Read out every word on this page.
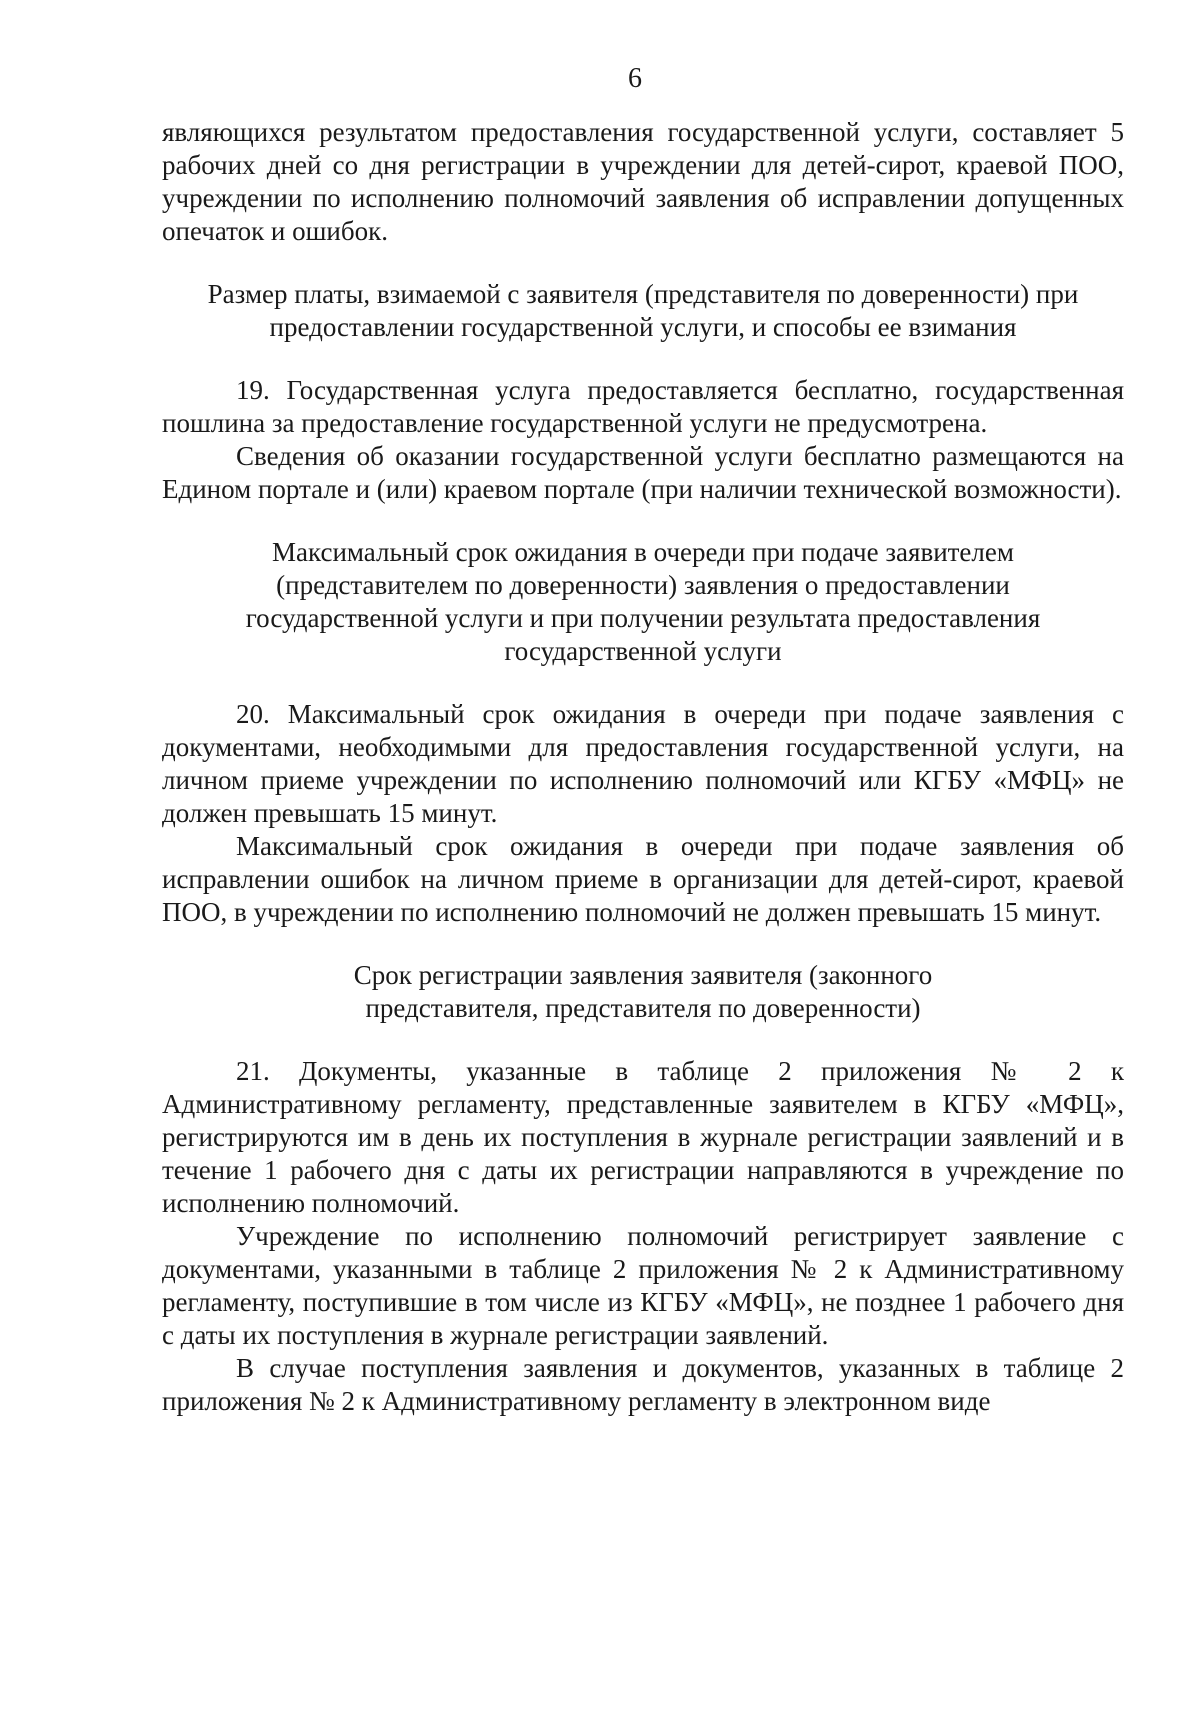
6

являющихся результатом предоставления государственной услуги, составляет 5 рабочих дней со дня регистрации в учреждении для детей-сирот, краевой ПОО, учреждении по исполнению полномочий заявления об исправлении допущенных опечаток и ошибок.

Размер платы, взимаемой с заявителя (представителя по доверенности) при предоставлении государственной услуги, и способы ее взимания

19. Государственная услуга предоставляется бесплатно, государственная пошлина за предоставление государственной услуги не предусмотрена.

Сведения об оказании государственной услуги бесплатно размещаются на Едином портале и (или) краевом портале (при наличии технической возможности).

Максимальный срок ожидания в очереди при подаче заявителем (представителем по доверенности) заявления о предоставлении государственной услуги и при получении результата предоставления государственной услуги

20. Максимальный срок ожидания в очереди при подаче заявления с документами, необходимыми для предоставления государственной услуги, на личном приеме учреждении по исполнению полномочий или КГБУ «МФЦ» не должен превышать 15 минут.

Максимальный срок ожидания в очереди при подаче заявления об исправлении ошибок на личном приеме в организации для детей-сирот, краевой ПОО, в учреждении по исполнению полномочий не должен превышать 15 минут.

Срок регистрации заявления заявителя (законного представителя, представителя по доверенности)

21. Документы, указанные в таблице 2 приложения № 2 к Административному регламенту, представленные заявителем в КГБУ «МФЦ», регистрируются им в день их поступления в журнале регистрации заявлений и в течение 1 рабочего дня с даты их регистрации направляются в учреждение по исполнению полномочий.

Учреждение по исполнению полномочий регистрирует заявление с документами, указанными в таблице 2 приложения № 2 к Административному регламенту, поступившие в том числе из КГБУ «МФЦ», не позднее 1 рабочего дня с даты их поступления в журнале регистрации заявлений.

В случае поступления заявления и документов, указанных в таблице 2 приложения № 2 к Административному регламенту в электронном виде
